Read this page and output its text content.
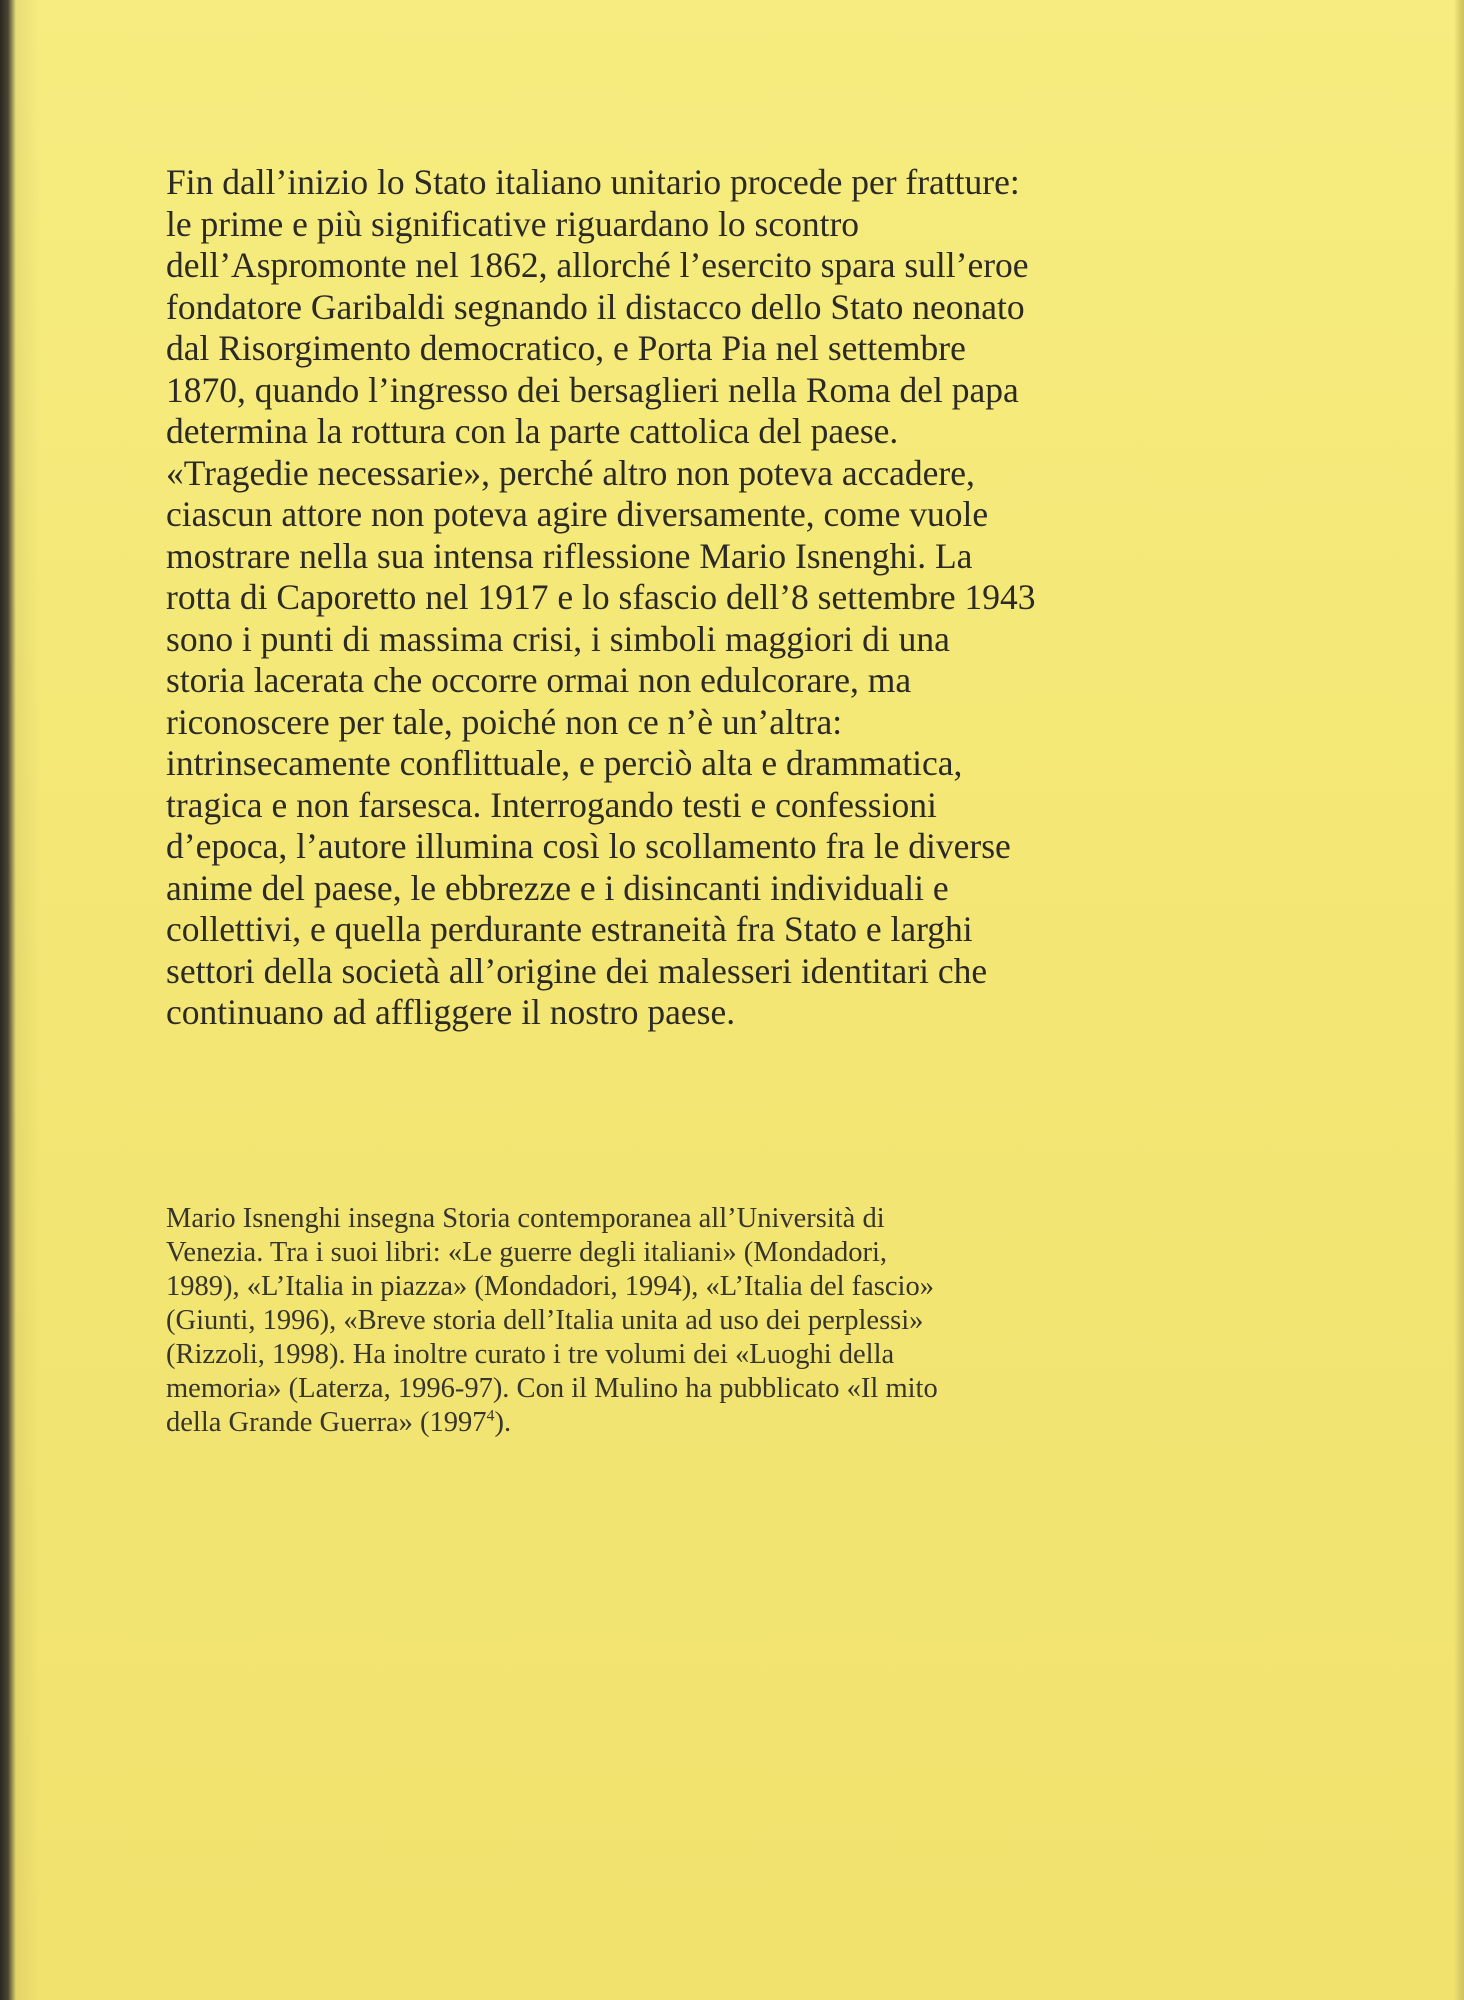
Fin dall’inizio lo Stato italiano unitario procede per fratture:
le prime e più significative riguardano lo scontro
dell’Aspromonte nel 1862, allorché l’esercito spara sull’eroe
fondatore Garibaldi segnando il distacco dello Stato neonato
dal Risorgimento democratico, e Porta Pia nel settembre
1870, quando l’ingresso dei bersaglieri nella Roma del papa
determina la rottura con la parte cattolica del paese.
«Tragedie necessarie», perché altro non poteva accadere,
ciascun attore non poteva agire diversamente, come vuole
mostrare nella sua intensa riflessione Mario Isnenghi. La
rotta di Caporetto nel 1917 e lo sfascio dell’8 settembre 1943
sono i punti di massima crisi, i simboli maggiori di una
storia lacerata che occorre ormai non edulcorare, ma
riconoscere per tale, poiché non ce n’è un’altra:
intrinsecamente conflittuale, e perciò alta e drammatica,
tragica e non farsesca. Interrogando testi e confessioni
d’epoca, l’autore illumina così lo scollamento fra le diverse
anime del paese, le ebbrezze e i disincanti individuali e
collettivi, e quella perdurante estraneità fra Stato e larghi
settori della società all’origine dei malesseri identitari che
continuano ad affliggere il nostro paese.

Mario Isnenghi insegna Storia contemporanea all’Università di
Venezia. Tra i suoi libri: «Le guerre degli italiani» (Mondadori,
1989), «L’Italia in piazza» (Mondadori, 1994), «L’Italia del fascio»
(Giunti, 1996), «Breve storia dell’Italia unita ad uso dei perplessi»
(Rizzoli, 1998). Ha inoltre curato i tre volumi dei «Luoghi della
memoria» (Laterza, 1996-97). Con il Mulino ha pubblicato «Il mito
della Grande Guerra» (1997$^4$).
